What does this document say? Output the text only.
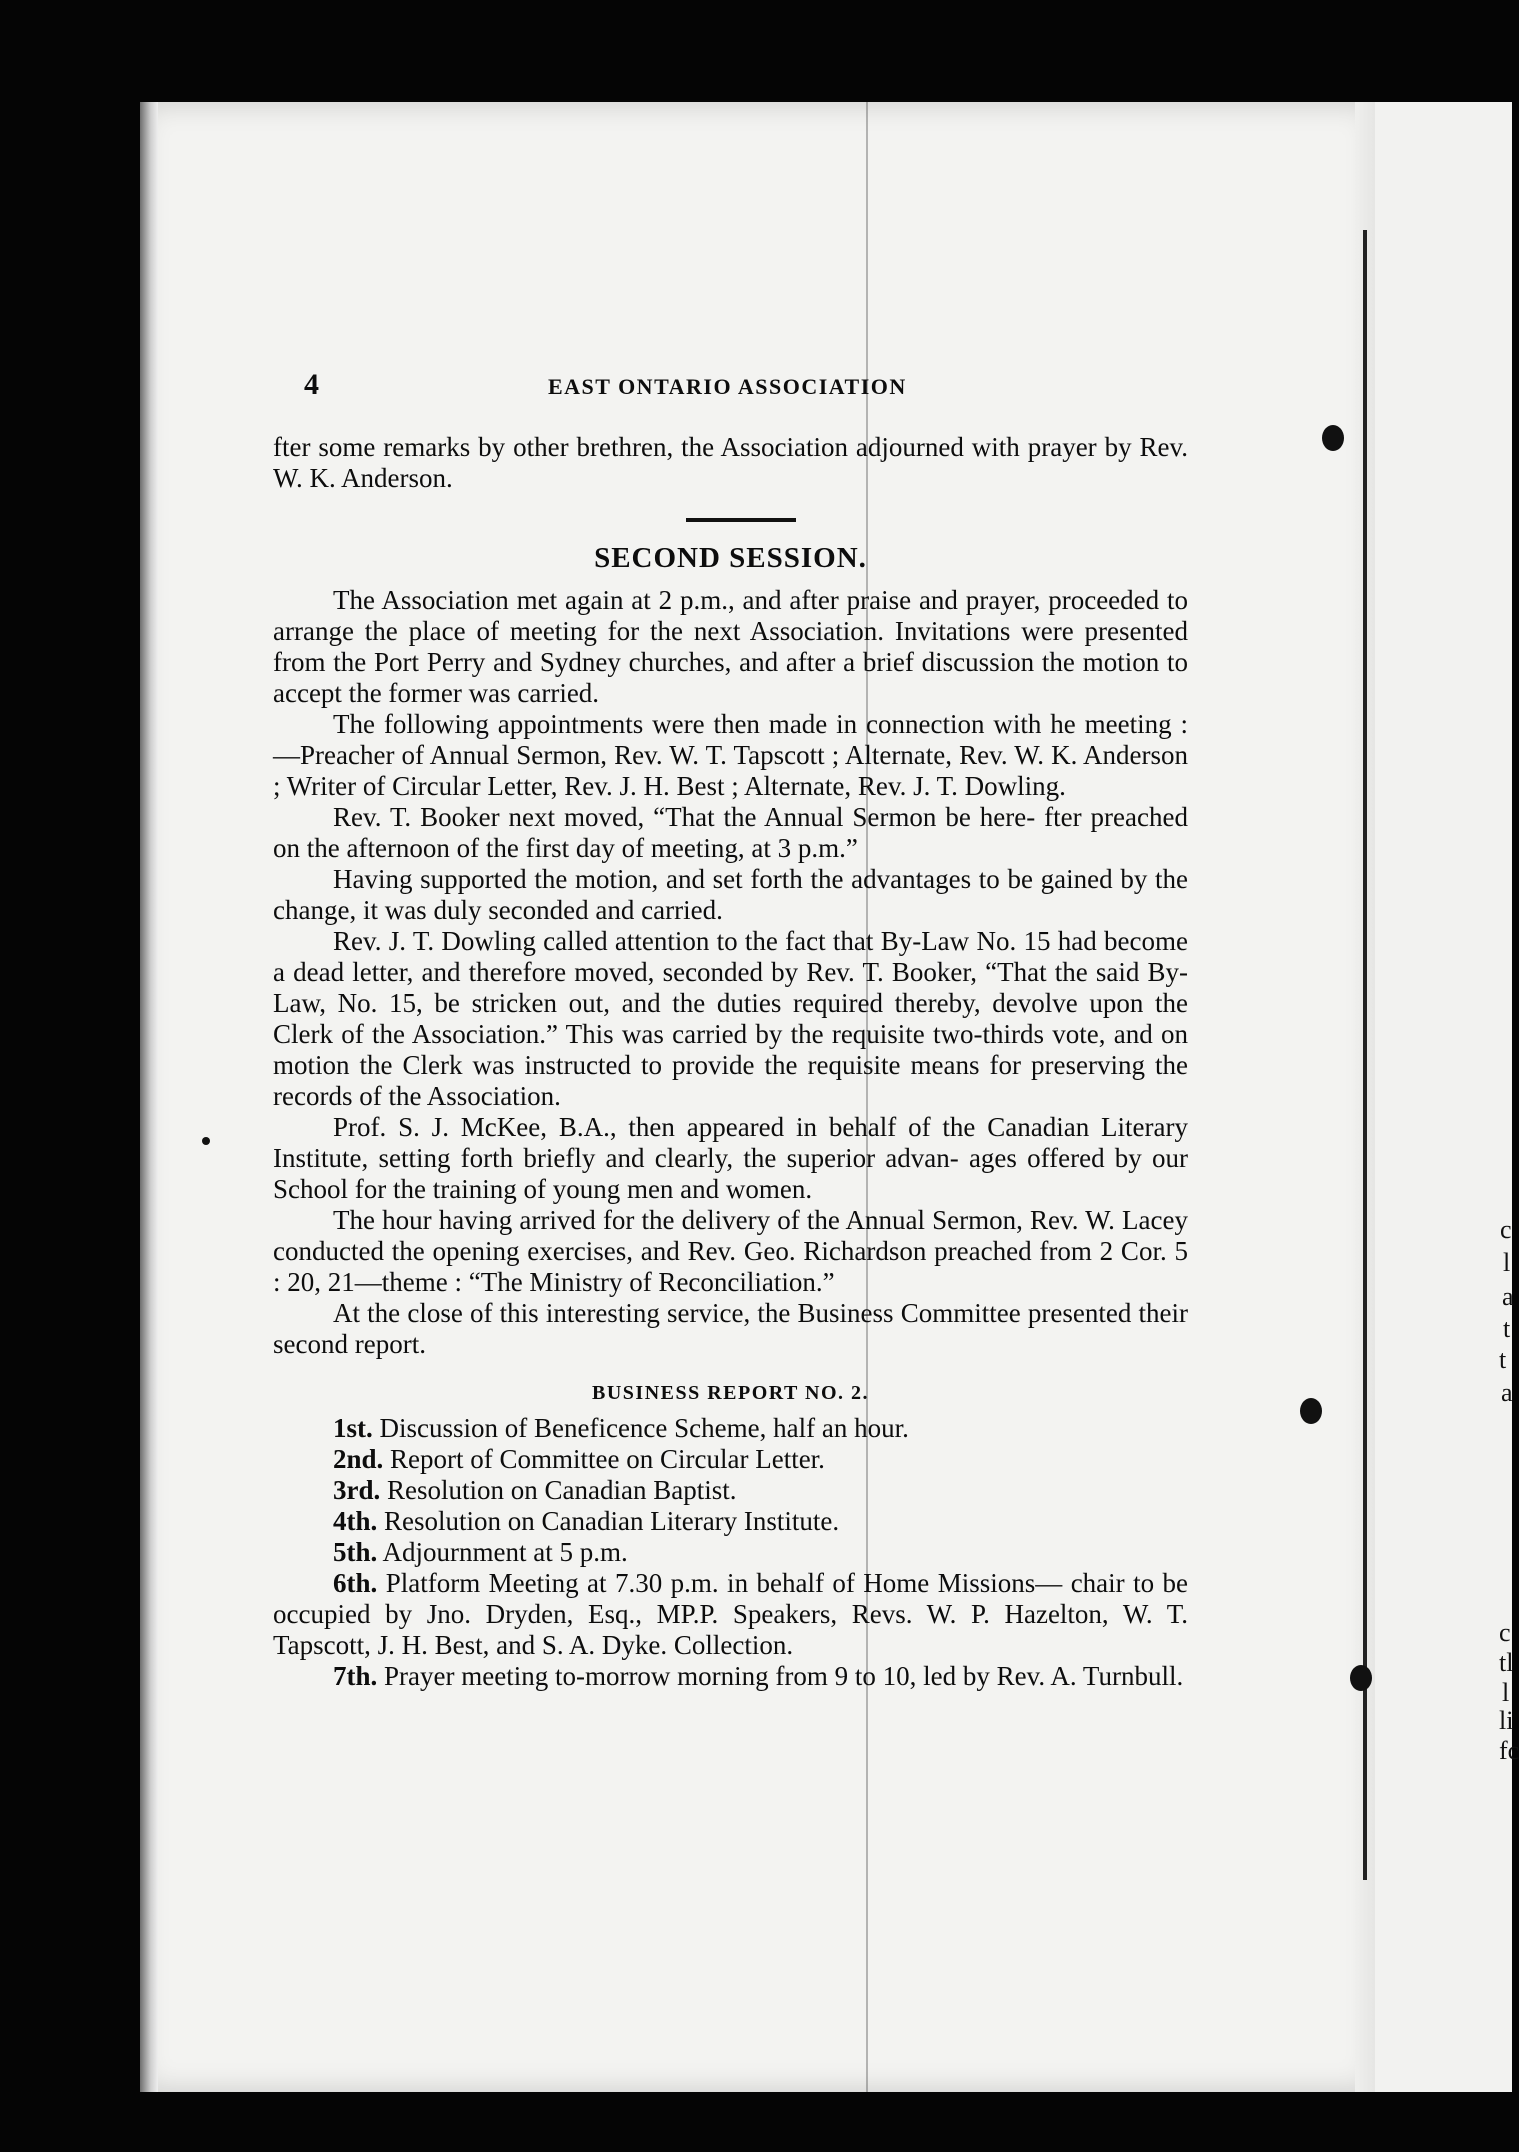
c
l
a
t
t
a
c
tl
l
li
fc
4	EAST ONTARIO ASSOCIATION

fter some remarks by other brethren, the Association adjourned with prayer by Rev. W. K. Anderson.

SECOND SESSION.

The Association met again at 2 p.m., and after praise and prayer, proceeded to arrange the place of meeting for the next Association. Invitations were presented from the Port Perry and Sydney churches, and after a brief discussion the motion to accept the former was carried.

The following appointments were then made in connection with he meeting :—Preacher of Annual Sermon, Rev. W. T. Tapscott ; Alternate, Rev. W. K. Anderson ; Writer of Circular Letter, Rev. J. H. Best ; Alternate, Rev. J. T. Dowling.

Rev. T. Booker next moved, “That the Annual Sermon be here- fter preached on the afternoon of the first day of meeting, at 3 p.m.”

Having supported the motion, and set forth the advantages to be gained by the change, it was duly seconded and carried.

Rev. J. T. Dowling called attention to the fact that By-Law No. 15 had become a dead letter, and therefore moved, seconded by Rev. T. Booker, “That the said By-Law, No. 15, be stricken out, and the duties required thereby, devolve upon the Clerk of the Association.” This was carried by the requisite two-thirds vote, and on motion the Clerk was instructed to provide the requisite means for preserving the records of the Association.

Prof. S. J. McKee, B.A., then appeared in behalf of the Canadian Literary Institute, setting forth briefly and clearly, the superior advan- ages offered by our School for the training of young men and women.

The hour having arrived for the delivery of the Annual Sermon, Rev. W. Lacey conducted the opening exercises, and Rev. Geo. Richardson preached from 2 Cor. 5 : 20, 21—theme : “The Ministry of Reconciliation.”

At the close of this interesting service, the Business Committee presented their second report.

BUSINESS REPORT NO. 2.

1st. Discussion of Beneficence Scheme, half an hour.

2nd. Report of Committee on Circular Letter.

3rd. Resolution on Canadian Baptist.

4th. Resolution on Canadian Literary Institute.

5th. Adjournment at 5 p.m.

6th. Platform Meeting at 7.30 p.m. in behalf of Home Missions— chair to be occupied by Jno. Dryden, Esq., MP.P. Speakers, Revs. W. P. Hazelton, W. T. Tapscott, J. H. Best, and S. A. Dyke. Collection.

7th. Prayer meeting to-morrow morning from 9 to 10, led by Rev. A. Turnbull.
